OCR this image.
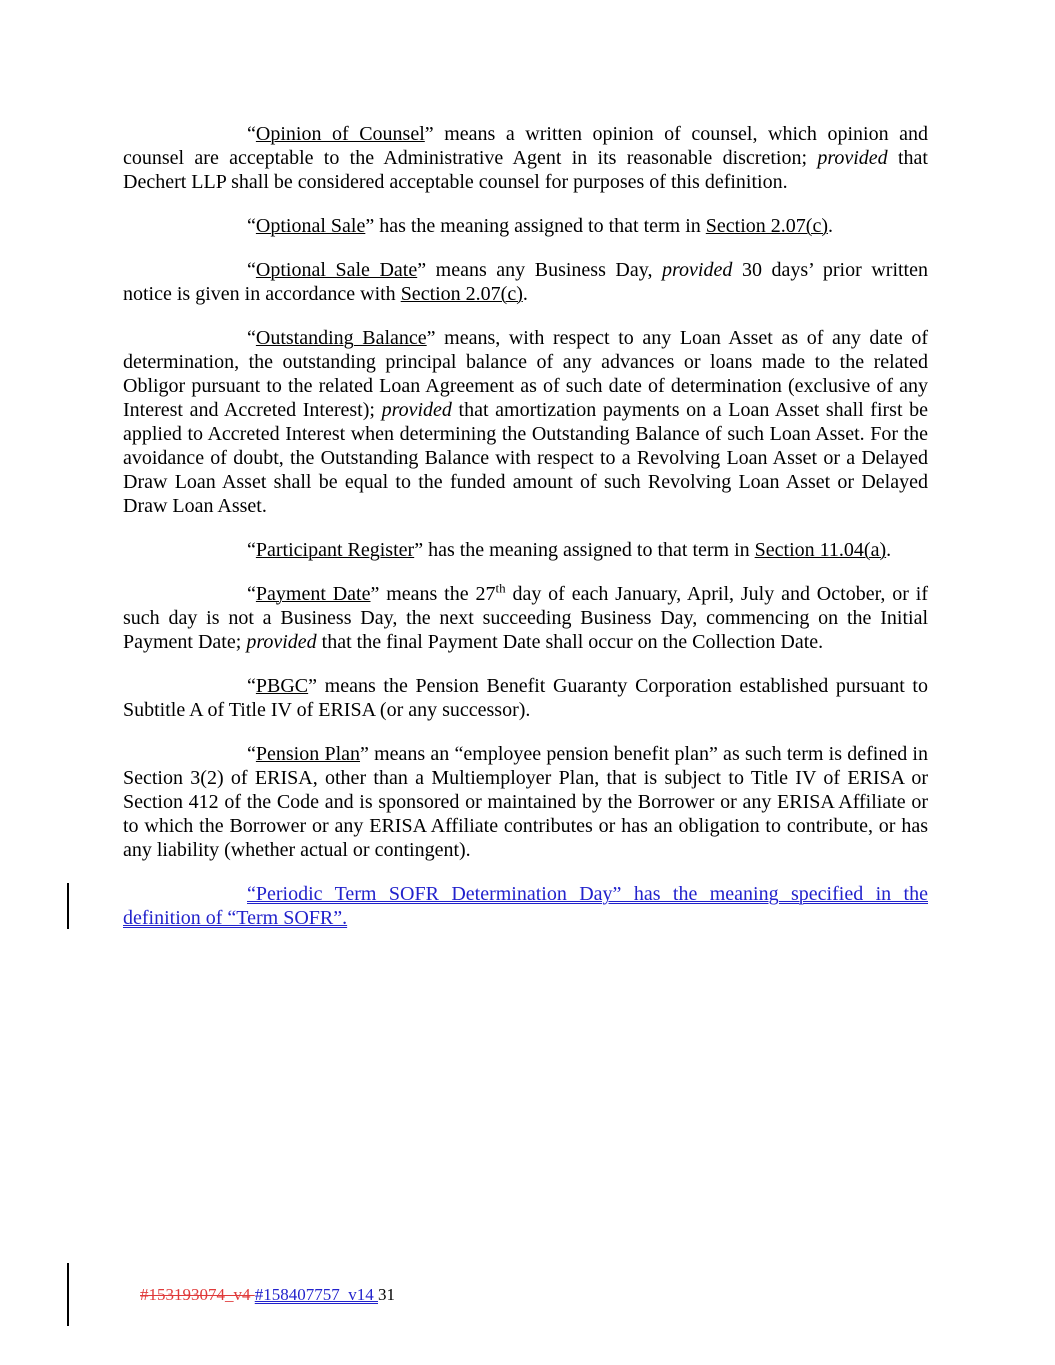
“Opinion of Counsel” means a written opinion of counsel, which opinion and counsel are acceptable to the Administrative Agent in its reasonable discretion; provided that Dechert LLP shall be considered acceptable counsel for purposes of this definition.

“Optional Sale” has the meaning assigned to that term in Section 2.07(c).

“Optional Sale Date” means any Business Day, provided 30 days’ prior written notice is given in accordance with Section 2.07(c).

“Outstanding Balance” means, with respect to any Loan Asset as of any date of determination, the outstanding principal balance of any advances or loans made to the related Obligor pursuant to the related Loan Agreement as of such date of determination (exclusive of any Interest and Accreted Interest); provided that amortization payments on a Loan Asset shall first be applied to Accreted Interest when determining the Outstanding Balance of such Loan Asset. For the avoidance of doubt, the Outstanding Balance with respect to a Revolving Loan Asset or a Delayed Draw Loan Asset shall be equal to the funded amount of such Revolving Loan Asset or Delayed Draw Loan Asset.

“Participant Register” has the meaning assigned to that term in Section 11.04(a).

“Payment Date” means the 27th day of each January, April, July and October, or if such day is not a Business Day, the next succeeding Business Day, commencing on the Initial Payment Date; provided that the final Payment Date shall occur on the Collection Date.

“PBGC” means the Pension Benefit Guaranty Corporation established pursuant to Subtitle A of Title IV of ERISA (or any successor).

“Pension Plan” means an “employee pension benefit plan” as such term is defined in Section 3(2) of ERISA, other than a Multiemployer Plan, that is subject to Title IV of ERISA or Section 412 of the Code and is sponsored or maintained by the Borrower or any ERISA Affiliate or to which the Borrower or any ERISA Affiliate contributes or has an obligation to contribute, or has any liability (whether actual or contingent).

“Periodic Term SOFR Determination Day” has the meaning specified in the definition of “Term SOFR”.

#153193074_v4 #158407757_v14 31
